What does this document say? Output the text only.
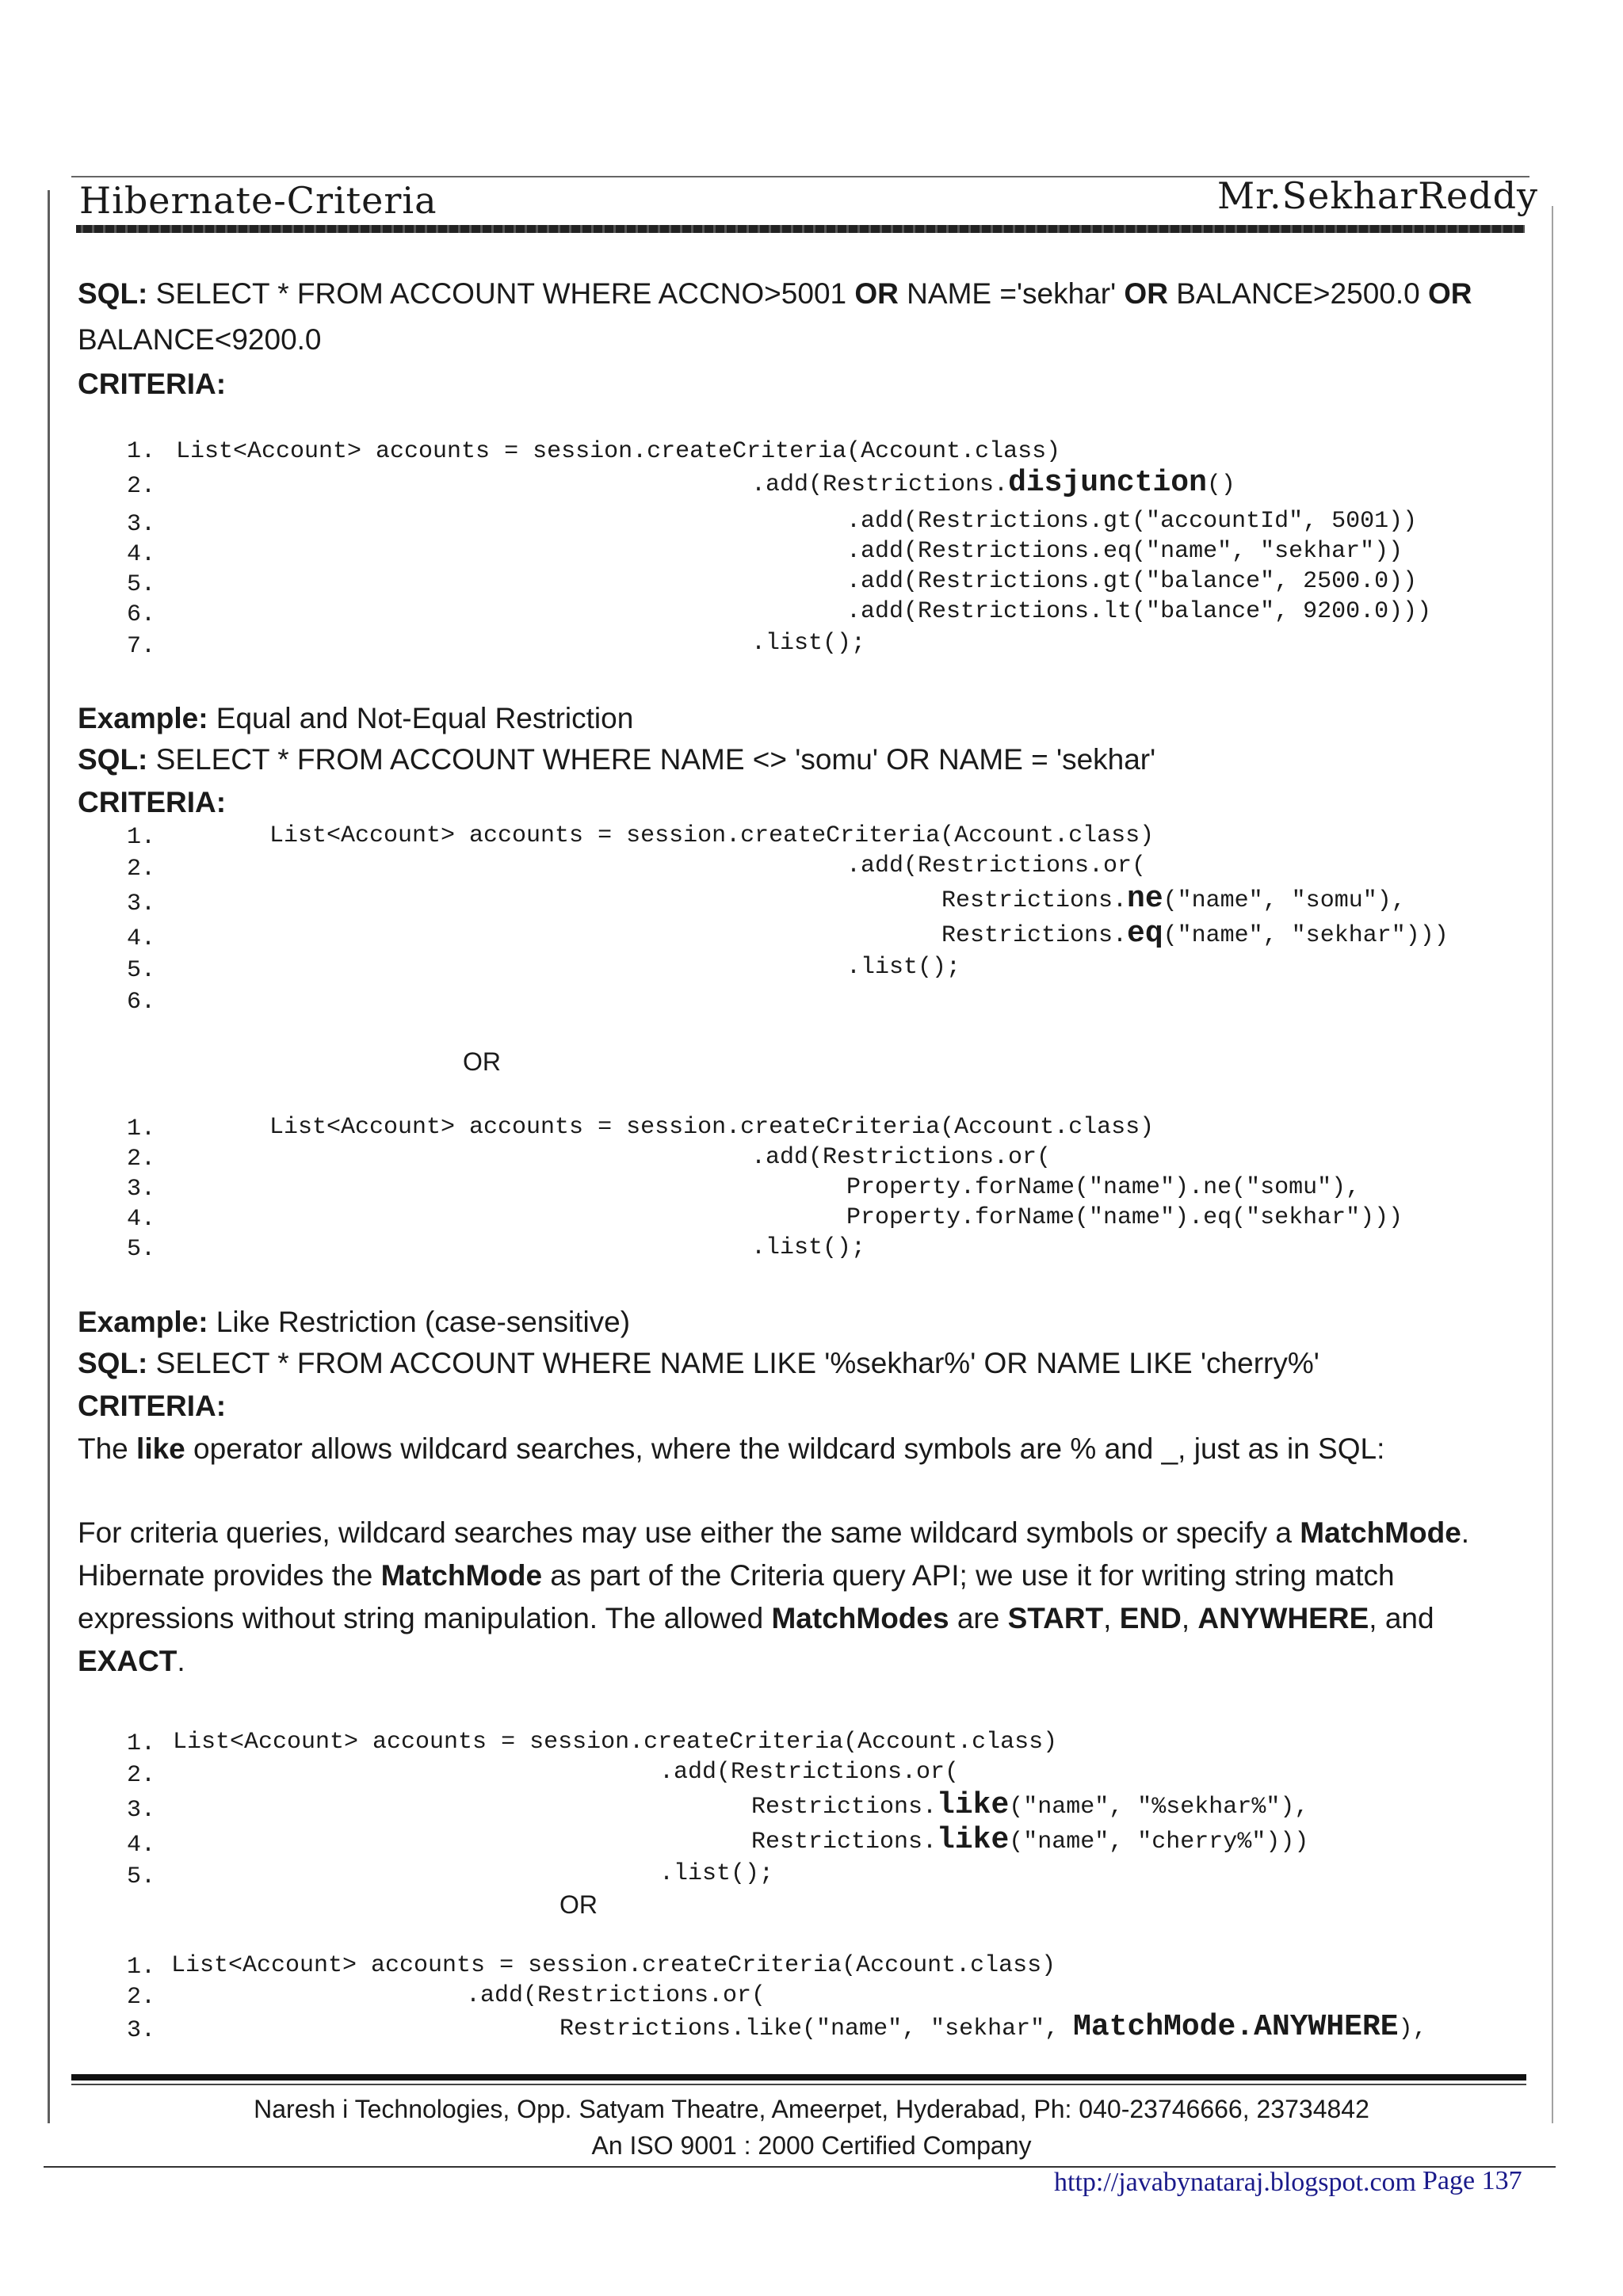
Hibernate-Criteria	Mr.SekharReddy
SQL: SELECT * FROM ACCOUNT WHERE ACCNO>5001 OR NAME ='sekhar' OR BALANCE>2500.0 OR
BALANCE<9200.0
CRITERIA:
1. List<Account> accounts = session.createCriteria(Account.class)
2.	.add(Restrictions.disjunction()
3.	.add(Restrictions.gt("accountId", 5001))
4.	.add(Restrictions.eq("name", "sekhar"))
5.	.add(Restrictions.gt("balance", 2500.0))
6.	.add(Restrictions.lt("balance", 9200.0)))
7.	.list();
Example: Equal and Not-Equal Restriction
SQL: SELECT * FROM ACCOUNT WHERE NAME <> 'somu' OR NAME = 'sekhar'
CRITERIA:
1.	List<Account> accounts = session.createCriteria(Account.class)
2.	.add(Restrictions.or(
3.	Restrictions.ne("name", "somu"),
4.	Restrictions.eq("name", "sekhar")))
5.	.list();
6.
OR
1.	List<Account> accounts = session.createCriteria(Account.class)
2.	.add(Restrictions.or(
3.	Property.forName("name").ne("somu"),
4.	Property.forName("name").eq("sekhar")))
5.	.list();
Example: Like Restriction (case-sensitive)
SQL: SELECT * FROM ACCOUNT WHERE NAME LIKE '%sekhar%' OR NAME LIKE 'cherry%'
CRITERIA:
The like operator allows wildcard searches, where the wildcard symbols are % and _, just as in SQL:
For criteria queries, wildcard searches may use either the same wildcard symbols or specify a MatchMode. Hibernate provides the MatchMode as part of the Criteria query API; we use it for writing string match expressions without string manipulation. The allowed MatchModes are START, END, ANYWHERE, and EXACT.
1. List<Account> accounts = session.createCriteria(Account.class)
2.	.add(Restrictions.or(
3.	Restrictions.like("name", "%sekhar%"),
4.	Restrictions.like("name", "cherry%")))
5.	.list();
OR
1. List<Account> accounts = session.createCriteria(Account.class)
2.	.add(Restrictions.or(
3.	Restrictions.like("name", "sekhar", MatchMode.ANYWHERE),
Naresh i Technologies, Opp. Satyam Theatre, Ameerpet, Hyderabad, Ph: 040-23746666, 23734842
An ISO 9001 : 2000 Certified Company
http://javabynataraj.blogspot.com Page 137
